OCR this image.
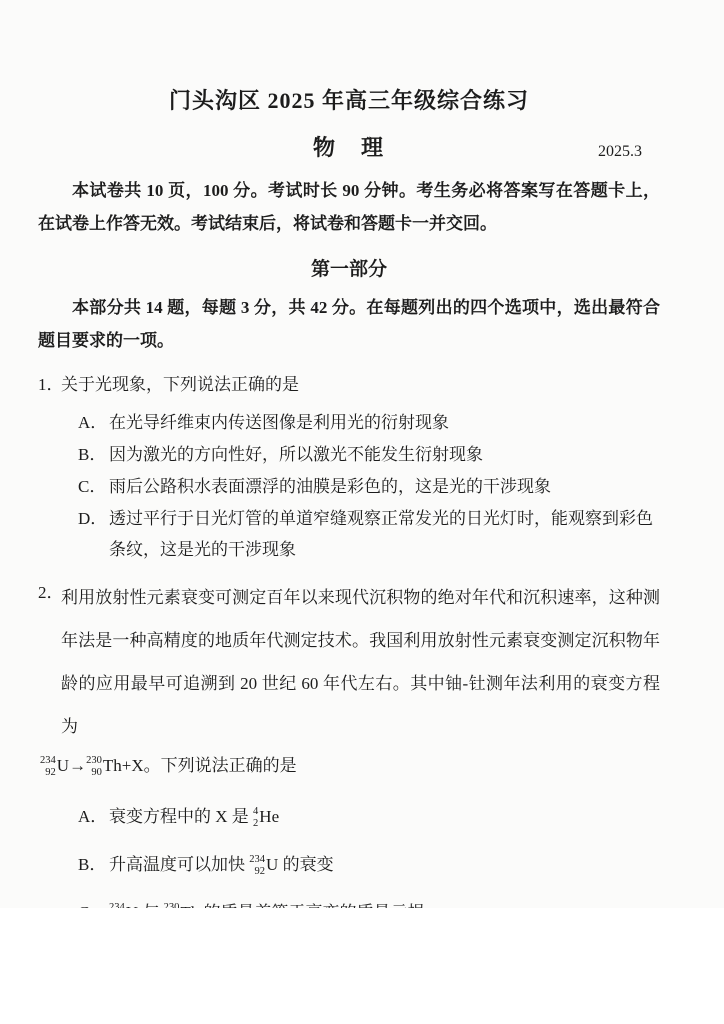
门头沟区 2025 年高三年级综合练习
物　理	2025.3

本试卷共 10 页，100 分。考试时长 90 分钟。考生务必将答案写在答题卡上，在试卷上作答无效。考试结束后，将试卷和答题卡一并交回。

第一部分

本部分共 14 题，每题 3 分，共 42 分。在每题列出的四个选项中，选出最符合题目要求的一项。

1．

关于光现象，下列说法正确的是

A． 在光导纤维束内传送图像是利用光的衍射现象
B． 因为激光的方向性好，所以激光不能发生衍射现象
C． 雨后公路积水表面漂浮的油膜是彩色的，这是光的干涉现象
D． 透过平行于日光灯管的单道窄缝观察正常发光的日光灯时，能观察到彩色条纹，这是光的干涉现象
2．

利用放射性元素衰变可测定百年以来现代沉积物的绝对年代和沉积速率，这种测年法是一种高精度的地质年代测定技术。我国利用放射性元素衰变测定沉积物年龄的应用最早可追溯到 20 世纪 60 年代左右。其中铀-钍测年法利用的衰变方程为

234
92 U→ 230
90 Th+X。下列说法正确的是

A． 衰变方程中的 X 是 4
2 He
B． 升高温度可以加快 234
92 U 的衰变
